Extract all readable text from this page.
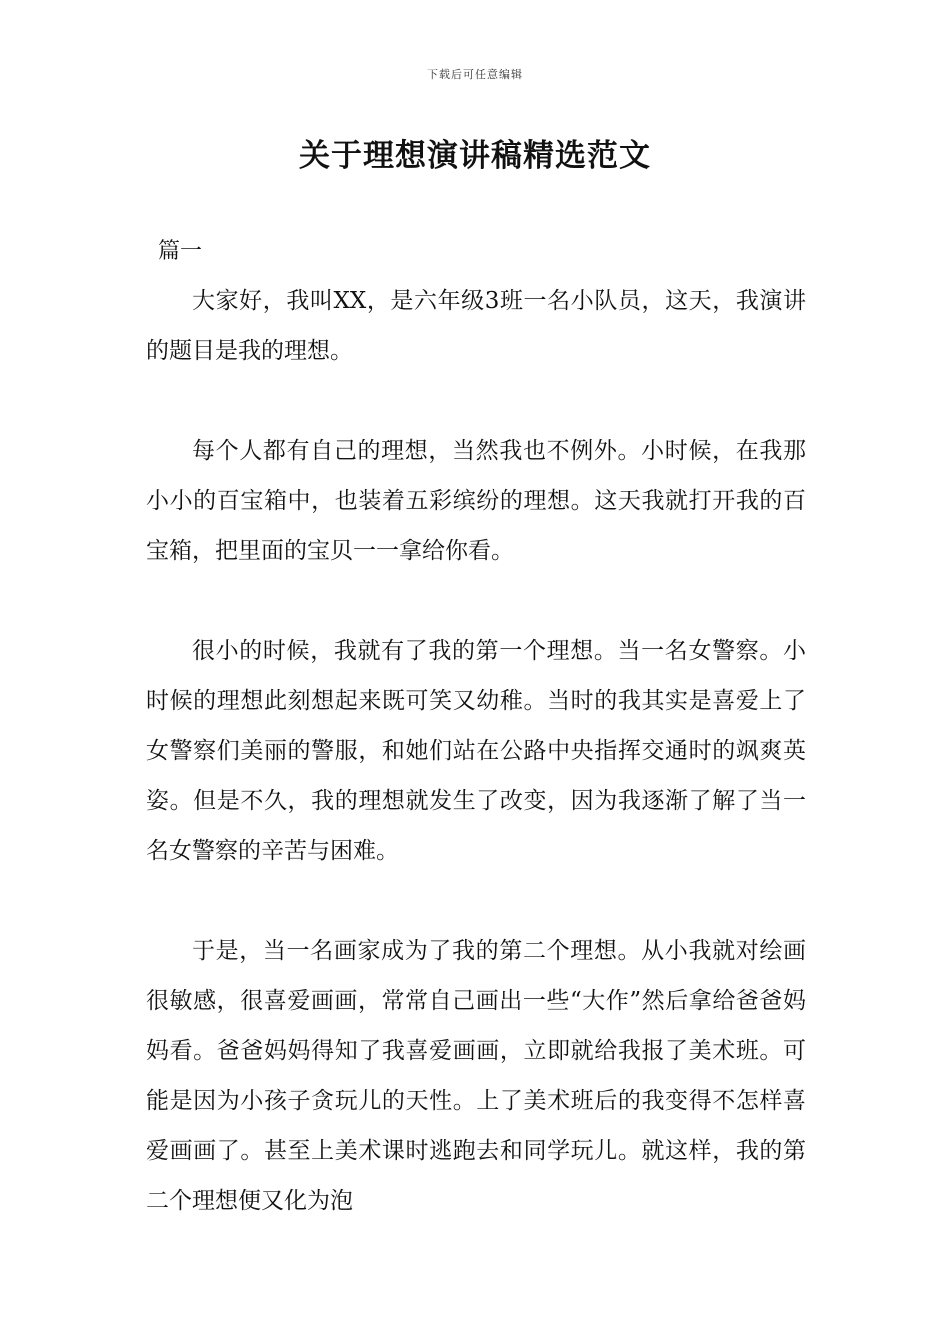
下载后可任意编辑
关于理想演讲稿精选范文
篇一

大家好，我叫XX，是六年级3班一名小队员，这天，我演讲的题目是我的理想。

每个人都有自己的理想，当然我也不例外。小时候，在我那小小的百宝箱中，也装着五彩缤纷的理想。这天我就打开我的百宝箱，把里面的宝贝一一拿给你看。

很小的时候，我就有了我的第一个理想。当一名女警察。小时候的理想此刻想起来既可笑又幼稚。当时的我其实是喜爱上了女警察们美丽的警服，和她们站在公路中央指挥交通时的飒爽英姿。但是不久，我的理想就发生了改变，因为我逐渐了解了当一名女警察的辛苦与困难。

于是，当一名画家成为了我的第二个理想。从小我就对绘画很敏感，很喜爱画画，常常自己画出一些“大作”然后拿给爸爸妈妈看。爸爸妈妈得知了我喜爱画画，立即就给我报了美术班。可能是因为小孩子贪玩儿的天性。上了美术班后的我变得不怎样喜爱画画了。甚至上美术课时逃跑去和同学玩儿。就这样，我的第二个理想便又化为泡
